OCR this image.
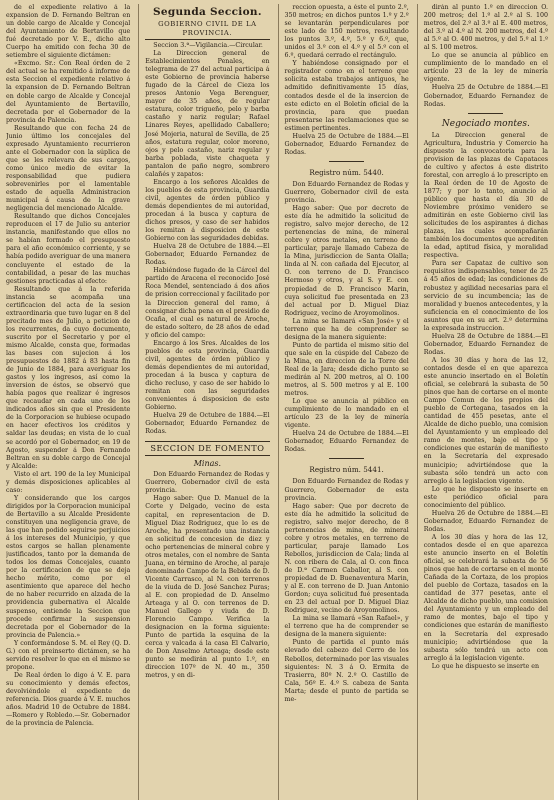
de el expediente relativo á la expansion de D. Fernando Beltran en un doble cargo de Alcalde y Concejal del Ayuntamiento de Bertavillo que fué decretado por V. E., dicho alto Cuerpo ha emitido con fecha 30 de setiembre el siguiente dictámen:

«Excmo. Sr.: Con Real órden de 2 del actual se ha remitido á informe de esta Seccion el expediente relativo á la expansion de D. Fernando Beltran en doble cargo de Alcalde y Concejal del Ayuntamiento de Bertavillo, decretada por el Gobernador de la provincia de Palencia.

Resultando que con fecha 24 de Junio último los concejales del expresado Ayuntamiento recurrieron ante el Gobernador con la súplica de que se les relevara de sus cargos, como único medio de evitar la responsabilidad que pudiera sobrevenirles por el lamentable estado de aquella Administracion municipal á causa de la grave negligencia del mencionado Alcalde.

Resultando que dichos Concejales reproducen el 17 de Julio su anterior instancia, manifestando que ellos no se habían formado el presupuesto para el año económico corriente, y se había podido averiguar de una manera concluyente el estado de la contabilidad, a pesar de las muchas gestiones practicadas al efecto:

Resultando que á la referida instancia se acompaña una certificacion del acta de la sesion extraordinaria que tuvo lugar en 8 del precitado mes de Julio, a peticion de los recurrentes, da cuyo documento, suscrito por el Secretario y por el mismo Alcalde, consta que, formadas las bases con sujecion á los presupuestos de 1882 á 83 hasta fin de Junio de 1884, para averiguar los gastos y los ingresos, así como la inversion de éstos, se observó que había pagos que realizar é ingresos que recaudar en cada uno de los indicados años sin que el Presidente de la Corporacion se hubiese ocupado en hacer efectivos los créditos y saldar las deudas; en vista de lo cual se acordó por el Gobernador, en 19 de Agosto, suspender á Don Fernando Beltran en su doble cargo de Concejal y Alcalde:

Visto el art. 190 de la ley Municipal y demás disposiciones aplicables al caso:

Y considerando que los cargos dirigidos por la Corporacion municipal de Bertavillo a su Alcalde Presidente constituyen una negligencia grave, de las que han podido seguirse perjuicios á los intereses del Municipio, y que estos cargos se hallan plenamente justificados, tanto por la demanda de todos los demas Concejales, cuanto por la certificacion de que se deja hecho mérito, como por el asentimiento que aparece del hecho de no haber recurrido en alzada de la providencia gubernativa el Alcalde suspenso, entiende la Seccion que procede confirmar la suspension decretada por el Gobernador de la provincia de Palencia.»

Y conformándose S. M. el Rey (Q. D. G.) con el preinserto dictámen, se ha servido resolver lo que en el mismo se propone.

De Real órden lo digo á V. E. para su conocimiento y demás efectos, devolviéndole el expediente de referencia. Dios guarde á V. E. muchos años. Madrid 10 de Octubre de 1884. —Romero y Robledo.—Sr. Gobernador de la provincia de Palencia.

Segunda Seccion.
GOBIERNO CIVIL DE LA PROVINCIA.

Seccion 3.ª—Vigilancia.—Circular.

La Direccion general de Establecimientos Penales, en telegrama de 27 del actual participa á este Gobierno de provincia haberse fugado de la Cárcel de Cieza los presos Antonio Vega Berenguer, mayor de 35 años, de regular estatura, color trigueño, pelo y barba castaño y nariz regular; Rafael Linares Reyes, apellidado Caballero; José Mojeria, natural de Sevilla, de 25 años, estatura regular, color moreno, ojos y pelo castaño, nariz regular y barba poblada, viste chaqueta y pantalon de paño negro, sombrero calañés y zapatos:

Encargo a los señores Alcaldes de los pueblos de esta provincia, Guardia civil, agentes de órden público y demás dependientes de mi autoridad, procedan á la busca y captura de dichos presos, y caso de ser habidos los remitan á disposicion de este Gobierno con las seguridades debidas.

Huelva 28 de Octubre de 1884.—El Gobernador, Eduardo Fernandez de Rodas.

Habiéndose fugado de la Cárcel del partido de Aracena el reconocido José Roca Mendel, sentenciado á dos años de prision correccional y facilitado por la Direccion general del ramo, á consignar dicha pena en el presidio de Ocaña, el cual es natural de Aroche, de estado soltero, de 28 años de edad y oficio del campo:

Encargo á los Sres. Alcaldes de los pueblos de esta provincia, Guardia civil, agentes de órden público y demás dependientes de mi autoridad, procedan á la busca y captura de dicho recluso, y caso de ser habido lo remitan con las seguridades convenientes á disposicion de este Gobierno.

Huelva 29 de Octubre de 1884.—El Gobernador, Eduardo Fernandez de Rodas.

SECCION DE FOMENTO
Minas.

Don Eduardo Fernandez de Rodas y Guerrero, Gobernador civil de esta provincia.

Hago saber: Que D. Manuel de la Corte y Delgado, vecino de esta capital, en representacion de D. Miguel Diaz Rodriguez, que lo es de Aroche, ha presentado una instancia en solicitud de concesion de diez y ocho pertenencias de mineral cobre y otros metales, con el nombre de Santa Juana, en término de Aroche, al paraje denominado Campo de la Bebida de D. Vicente Carrasco, al N. con terrenos de la viuda de D. José Sanchez Puras; al E. con propiedad de D. Anselmo Arteaga y al O. con terrenos de D. Manuel Gallego y viuda de D. Florencio Campo. Verifica la designacion en la forma siguiente: Punto de partida la esquina de la cerca y valcada á la casa El Calvario, de Don Anselmo Arteaga; desde este punto se medirán al punto 1.º, en direccion 107º de N. 40 m., 350 metros, y en di-

reccion opuesta, a éste el punto 2.º, 350 metros; en dichos puntos 1.º y 2.º se levantarán perpendiculares por este lado de 150 metros, resultando los puntos 3.º, 4.º, 5.º y 6.º, que, unidos el 3.º con el 4.º y el 5.º con el 6.º, quedará cerrado el rectángulo.

Y habiéndose consignado por el registrador como en el terreno que solicita estaba trabajos antiguos, he admitido definitivamente 15 días, contados desde el de la insercion de este edicto en el Boletín oficial de la provincia, para que puedan presentarse las reclamaciones que se estimen pertinentes.

Huelva 25 de Octubre de 1884.—El Gobernador, Eduardo Fernandez de Rodas.

Registro núm. 5440.

Don Eduardo Fernandez de Rodas y Guerrero, Gobernador civil de esta provincia.

Hago saber: Que por decreto de este día he admitido la solicitud de registro, salvo mejor derecho, de 12 pertenencias de mina, de mineral cobre y otros metales, en terreno de particular, paraje llamado Cabeza de la Mina, jurisdiccion de Santa Olalla; linda al N. con cañada del Ejecutor, al O. con terreno de D. Francisco Hermoso y otros, y al S. y E. con propiedad de D. Francisco Marin, cuya solicitud fue presentada en 23 del actual por D. Miguel Diaz Rodriguez, vecino de Aroyomolinos.

La mina se llamará «San José» y el terreno que ha de comprender se designa de la manera siguiente:

Punto de partida el mismo sitio del que sale en la cúspide del Cabezo de la Mina, en direccion de la Torre del Real de la Jara; desde dicho punto se medirán al N. 200 metros, al O. 100 metros, al S. 500 metros y al E. 100 metros.

Lo que se anuncia al público en cumplimiento de lo mandado en el artículo 23 de la ley de minería vigente.

Huelva 24 de Octubre de 1884.—El Gobernador, Eduardo Fernandez de Rodas.

Registro núm. 5441.

Don Eduardo Fernandez de Rodas y Guerrero, Gobernador de esta provincia.

Hago saber: Que por decreto de este día he admitido la solicitud de registro, salvo mejor derecho, de 8 pertenencias de mina, de mineral cobre y otros metales, en terreno de particular, paraje llamado Los Rebollos, jurisdiccion de Cala; linda al N. con ribera de Cala, al O. con finca de D.ª Carmen Caballor, al S. con propiedad de D. Buenaventura Marin, y al E. con terreno de D. Juan Antonio Gordon; cuya solicitud fué presentada en 23 del actual por D. Miguel Diaz Rodriguez, vecino de Aroyomolinos.

La mina se llamará «San Rafael», y el terreno que ha de comprender se designa de la manera siguiente:

Punto de partida el punto más elevado del cabezo del Cerro de los Rebollos, determinado por las visuales siguientes: N. 3 á O. Ermita de Trasierra, 80º N. 2.º O. Castillo de Cala, 56º E. 4.º S. cabeza de Santa Marta; desde el punto de partida se me-

dirán al punto 1.º en direccion O. 200 metros; del 1.º al 2.º al S. 100 metros, del 2.º al 3.º al E. 400 metros, del 3.º al 4.º al N. 200 metros, del 4.º al 5.º al O. 400 metros, y del 5.º al 1.º al S. 100 metros.

Lo que se anuncia al público en cumplimiento de lo mandado en el artículo 23 de la ley de minería vigente.

Huelva 25 de Octubre de 1884.—El Gobernador, Eduardo Fernandez de Rodas.

Negociado montes.

La Direccion general de Agricultura, Industria y Comercio ha dispuesto la convocatoria para la provision de las plazas de Capataces de cultivo y afectos á este distrito forestal, con arreglo á lo prescripto en la Real órden de 10 de Agosto de 1877; y por lo tanto, anuncio al público que hasta el día 30 de Noviembre próximo venidero se admitirán en este Gobierno civil las solicitudes de los aspirantes á dichas plazas, las cuales acompañarán también los documentos que acrediten la edad, aptitud física, y moralidad respectiva.

Para ser Capataz de cultivo son requisitos indispensables, tener de 25 á 45 años de edad; las condiciones de robustez y agilidad necesarias para el servicio de su incumbencia; las de moralidad y buenos antecedentes, y la suficiencia en el conocimiento de los asuntos que en su art. 2.º determina la expresada instruccion.

Huelva 28 de Octubre de 1884.—El Gobernador, Eduardo Fernandez de Rodas.

A los 30 días y hora de las 12, contados desde el en que aparezca este anuncio insertado en el Boletín oficial, se celebrará la subasta de 50 pinos que han de cortarse en el monte Campo Comun de los propios del pueblo de Cortegana, tasados en la cantidad de 455 pesetas, ante el Alcalde de dicho pueblo, una comision del Ayuntamiento y un empleado del ramo de montes, bajo el tipo y condiciones que estarán de manifiesto en la Secretaría del expresado municipio; advirtiéndose que la subasta sólo tendrá un acto con arreglo á la legislacion vigente.

Lo que he dispuesto se inserte en este periódico oficial para conocimiento del público.

Huelva 26 de Octubre de 1884.—El Gobernador, Eduardo Fernandez de Rodas.

A los 30 días y hora de las 12, contados desde el en que aparezca este anuncio inserto en el Boletín oficial, se celebrará la subasta de 56 pinos que han de cortarse en el monte Cañada de la Cortaza, de los propios del pueblo de Cortaza, tasados en la cantidad de 377 pesetas, ante el Alcalde de dicho pueblo, una comision del Ayuntamiento y un empleado del ramo de montes, bajo el tipo y condiciones que estarán de manifiesto en la Secretaría del expresado municipio; advirtiéndose que la subasta sólo tendrá un acto con arreglo á la legislacion vigente.

Lo que he dispuesto se inserte en
